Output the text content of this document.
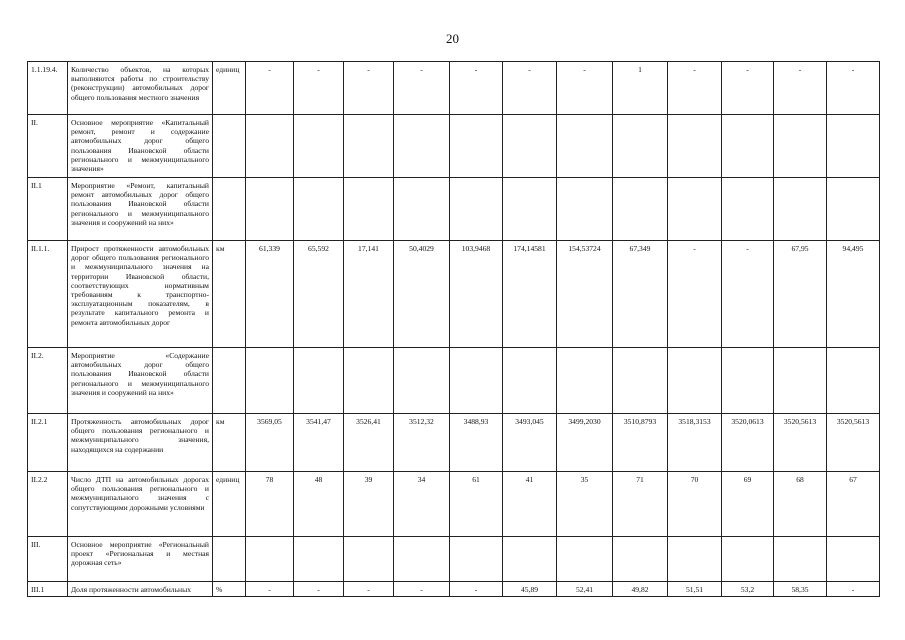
20
1.1.19.4.	Количество объектов, на которых выполняются работы по строительству (реконструкции) автомобильных дорог общего пользования местного значения	единиц	-	-	-	-	-	-	-	1	-	-	-	-
II.	Основное мероприятие «Капитальный ремонт, ремонт и содержание автомобильных дорог общего пользования Ивановской области регионального и межмуниципального значения»													
II.1	Мероприятие «Ремонт, капитальный ремонт автомобильных дорог общего пользования Ивановской области регионального и межмуниципального значения и сооружений на них»													
II.1.1.	Прирост протяженности автомобильных дорог общего пользования регионального и межмуниципального значения на территории Ивановской области, соответствующих нормативным требованиям к транспортно-эксплуатационным показателям, в результате капитального ремонта и ремонта автомобильных дорог	км	61,339	65,592	17,141	50,4029	103,9468	174,14581	154,53724	67,349	-	-	67,95	94,495
II.2.	Мероприятие «Содержание автомобильных дорог общего пользования Ивановской области регионального и межмуниципального значения и сооружений на них»													
II.2.1	Протяженность автомобильных дорог общего пользования регионального и межмуниципального значения, находящихся на содержании	км	3569,05	3541,47	3526,41	3512,32	3488,93	3493,045	3499,2030	3510,8793	3518,3153	3520,0613	3520,5613	3520,5613
II.2.2	Число ДТП на автомобильных дорогах общего пользования регионального и межмуниципального значения с сопутствующими дорожными условиями	единиц	78	48	39	34	61	41	35	71	70	69	68	67
III.	Основное мероприятие «Региональный проект «Региональная и местная дорожная сеть»													
III.1	Доля протяженности автомобильных	%	-	-	-	-	-	45,89	52,41	49,82	51,51	53,2	58,35	-
